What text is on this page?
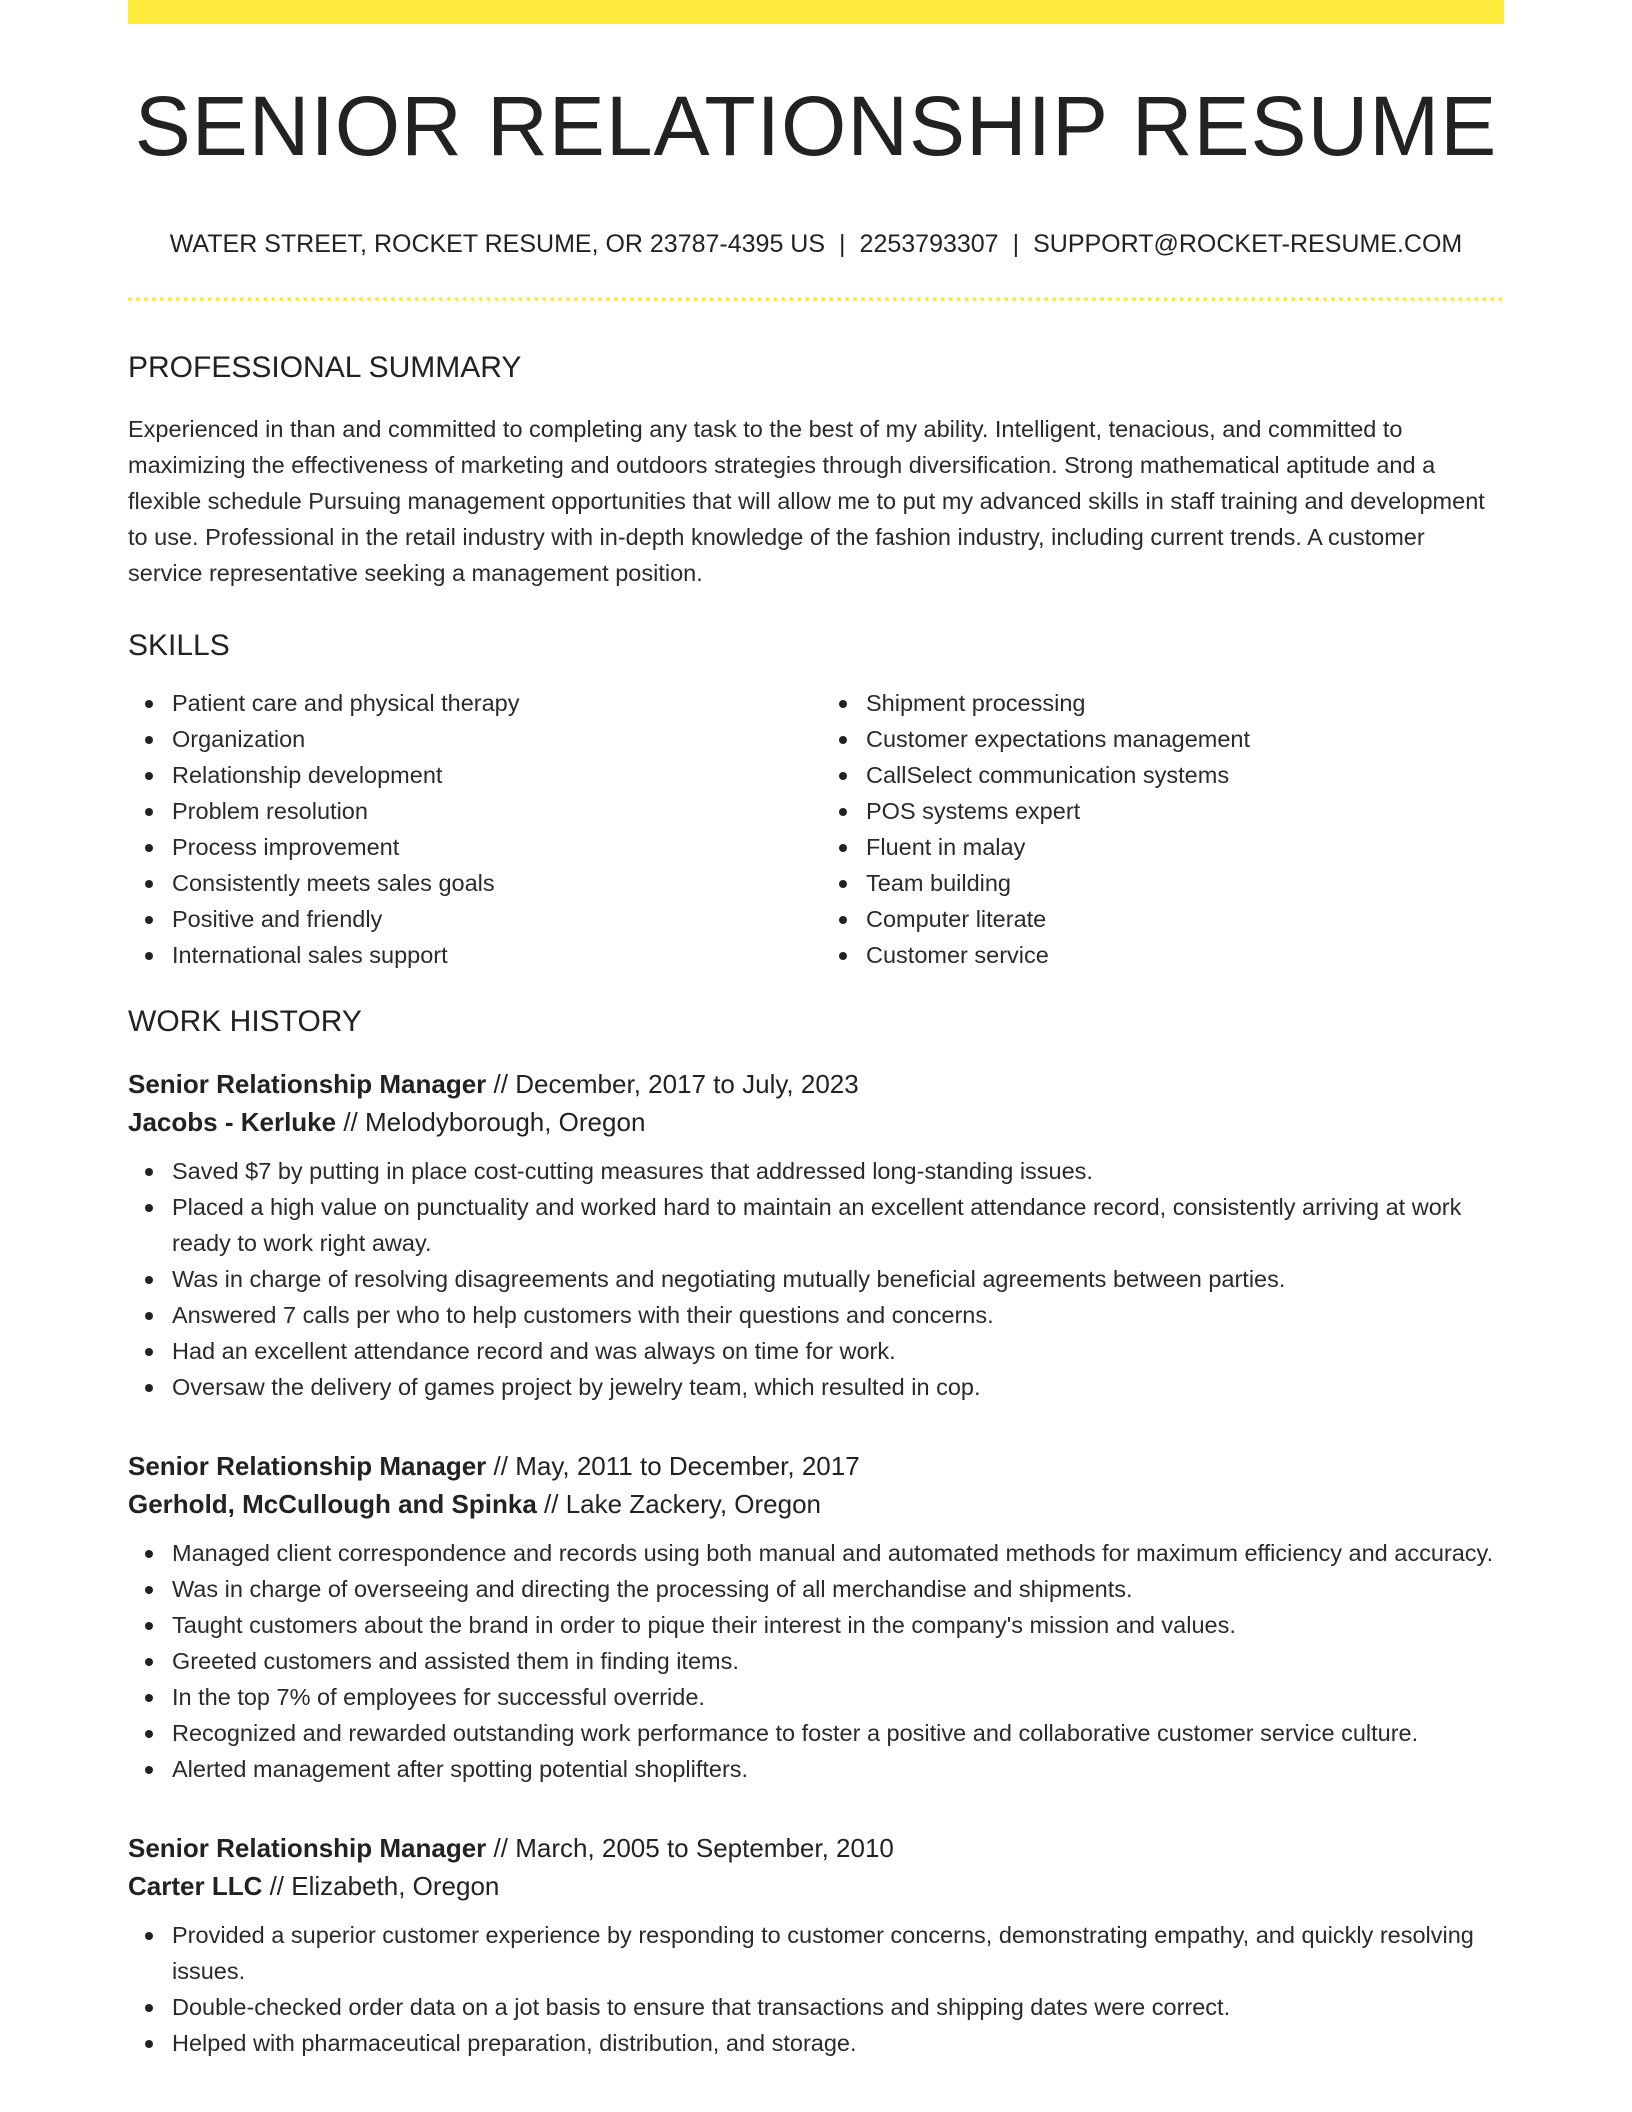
SENIOR RELATIONSHIP RESUME
WATER STREET, ROCKET RESUME, OR 23787-4395 US | 2253793307 | SUPPORT@ROCKET-RESUME.COM
PROFESSIONAL SUMMARY

Experienced in than and committed to completing any task to the best of my ability. Intelligent, tenacious, and committed to maximizing the effectiveness of marketing and outdoors strategies through diversification. Strong mathematical aptitude and a flexible schedule Pursuing management opportunities that will allow me to put my advanced skills in staff training and development to use. Professional in the retail industry with in-depth knowledge of the fashion industry, including current trends. A customer service representative seeking a management position.

SKILLS
Patient care and physical therapy
Organization
Relationship development
Problem resolution
Process improvement
Consistently meets sales goals
Positive and friendly
International sales support
Shipment processing
Customer expectations management
CallSelect communication systems
POS systems expert
Fluent in malay
Team building
Computer literate
Customer service
WORK HISTORY
Senior Relationship Manager // December, 2017 to July, 2023
Jacobs - Kerluke // Melodyborough, Oregon
Saved $7 by putting in place cost-cutting measures that addressed long-standing issues.
Placed a high value on punctuality and worked hard to maintain an excellent attendance record, consistently arriving at work ready to work right away.
Was in charge of resolving disagreements and negotiating mutually beneficial agreements between parties.
Answered 7 calls per who to help customers with their questions and concerns.
Had an excellent attendance record and was always on time for work.
Oversaw the delivery of games project by jewelry team, which resulted in cop.
Senior Relationship Manager // May, 2011 to December, 2017
Gerhold, McCullough and Spinka // Lake Zackery, Oregon
Managed client correspondence and records using both manual and automated methods for maximum efficiency and accuracy.
Was in charge of overseeing and directing the processing of all merchandise and shipments.
Taught customers about the brand in order to pique their interest in the company's mission and values.
Greeted customers and assisted them in finding items.
In the top 7% of employees for successful override.
Recognized and rewarded outstanding work performance to foster a positive and collaborative customer service culture.
Alerted management after spotting potential shoplifters.
Senior Relationship Manager // March, 2005 to September, 2010
Carter LLC // Elizabeth, Oregon
Provided a superior customer experience by responding to customer concerns, demonstrating empathy, and quickly resolving issues.
Double-checked order data on a jot basis to ensure that transactions and shipping dates were correct.
Helped with pharmaceutical preparation, distribution, and storage.
